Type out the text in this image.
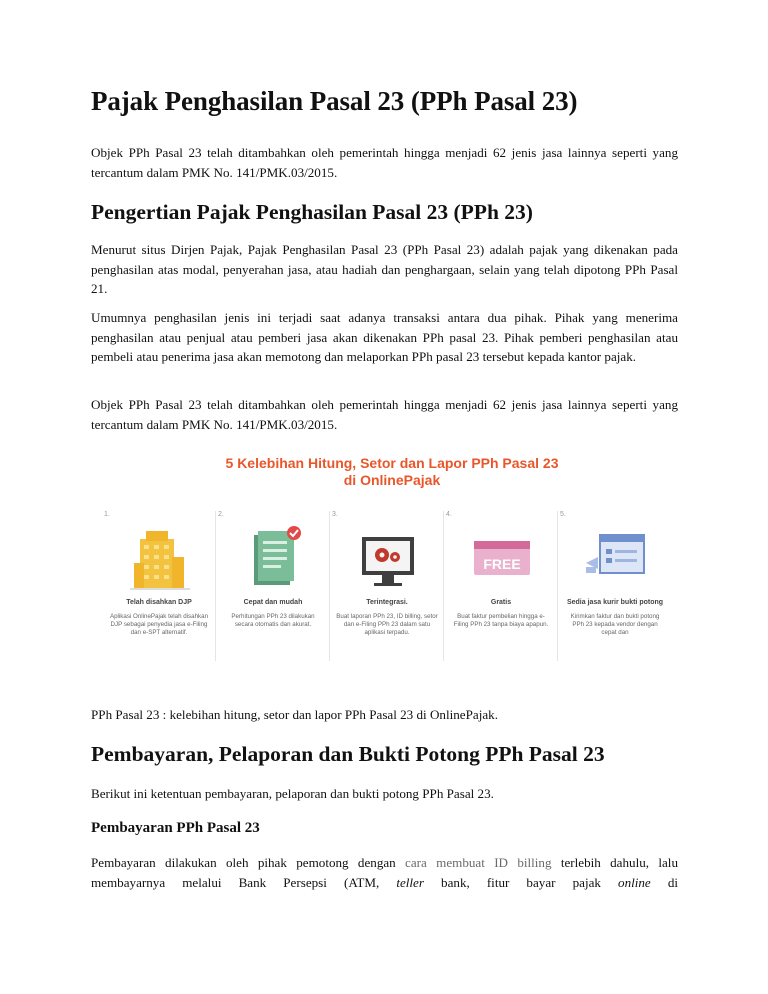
Pajak Penghasilan Pasal 23 (PPh Pasal 23)

Objek PPh Pasal 23 telah ditambahkan oleh pemerintah hingga menjadi 62 jenis jasa lainnya seperti yang tercantum dalam PMK No. 141/PMK.03/2015.

Pengertian Pajak Penghasilan Pasal 23 (PPh 23)

Menurut situs Dirjen Pajak, Pajak Penghasilan Pasal 23 (PPh Pasal 23) adalah pajak yang dikenakan pada penghasilan atas modal, penyerahan jasa, atau hadiah dan penghargaan, selain yang telah dipotong PPh Pasal 21.

Umumnya penghasilan jenis ini terjadi saat adanya transaksi antara dua pihak. Pihak yang menerima penghasilan atau penjual atau pemberi jasa akan dikenakan PPh pasal 23. Pihak pemberi penghasilan atau pembeli atau penerima jasa akan memotong dan melaporkan PPh pasal 23 tersebut kepada kantor pajak.

Objek PPh Pasal 23 telah ditambahkan oleh pemerintah hingga menjadi 62 jenis jasa lainnya seperti yang tercantum dalam PMK No. 141/PMK.03/2015.

5 Kelebihan Hitung, Setor dan Lapor PPh Pasal 23
di OnlinePajak
1.
Telah disahkan DJP
Aplikasi OnlinePajak telah disahkan DJP sebagai penyedia jasa e-Filing dan e-SPT alternatif.
2.
Cepat dan mudah
Perhitungan PPh 23 dilakukan secara otomatis dan akurat.
3.
Terintegrasi.
Buat laporan PPh 23, ID billing, setor dan e-Filing PPh 23 dalam satu aplikasi terpadu.
4.
FREE
Gratis
Buat faktur pembelian hingga e-Filing PPh 23 tanpa biaya apapun.
5.
Sedia jasa kurir bukti potong
Kirimkan faktur dan bukti potong PPh 23 kepada vendor dengan cepat dan

PPh Pasal 23 : kelebihan hitung, setor dan lapor PPh Pasal 23 di OnlinePajak.

Pembayaran, Pelaporan dan Bukti Potong PPh Pasal 23

Berikut ini ketentuan pembayaran, pelaporan dan bukti potong PPh Pasal 23.

Pembayaran PPh Pasal 23

Pembayaran dilakukan oleh pihak pemotong dengan cara membuat ID billing terlebih dahulu, lalu membayarnya melalui Bank Persepsi (ATM, teller bank, fitur bayar pajak online di
